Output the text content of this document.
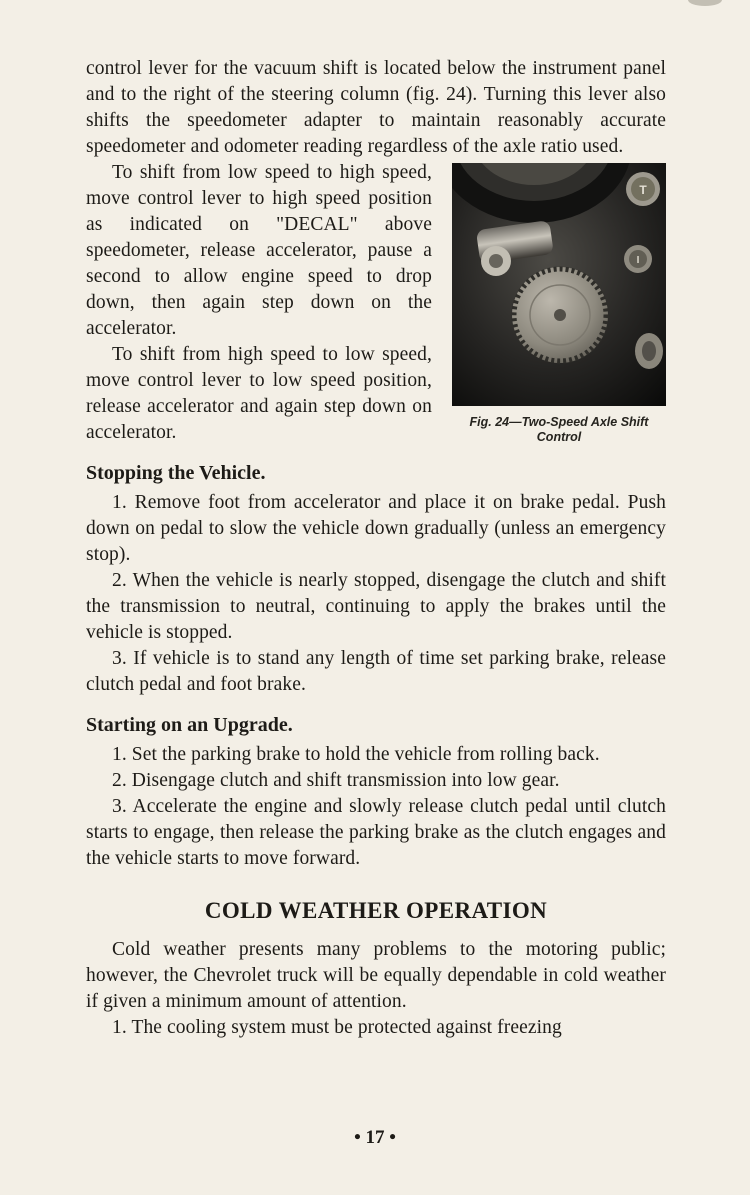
control lever for the vacuum shift is located below the instrument panel and to the right of the steering column (fig. 24). Turning this lever also shifts the speedometer adapter to maintain reasonably accurate speedometer and odometer reading regardless of the axle ratio used.

T
I
Fig. 24—Two-Speed Axle Shift
Control

To shift from low speed to high speed, move control lever to high speed position as indicated on "DECAL" above speedometer, release accelerator, pause a second to allow engine speed to drop down, then again step down on the accelerator.

To shift from high speed to low speed, move control lever to low speed position, release accelerator and again step down on accelerator.

Stopping the Vehicle.

1. Remove foot from accelerator and place it on brake pedal. Push down on pedal to slow the vehicle down gradually (unless an emergency stop).

2. When the vehicle is nearly stopped, disengage the clutch and shift the transmission to neutral, continuing to apply the brakes until the vehicle is stopped.

3. If vehicle is to stand any length of time set parking brake, release clutch pedal and foot brake.

Starting on an Upgrade.

1. Set the parking brake to hold the vehicle from rolling back.

2. Disengage clutch and shift transmission into low gear.

3. Accelerate the engine and slowly release clutch pedal until clutch starts to engage, then release the parking brake as the clutch engages and the vehicle starts to move forward.

COLD WEATHER OPERATION

Cold weather presents many problems to the motoring public; however, the Chevrolet truck will be equally dependable in cold weather if given a minimum amount of attention.

1. The cooling system must be protected against freezing

• 17 •
